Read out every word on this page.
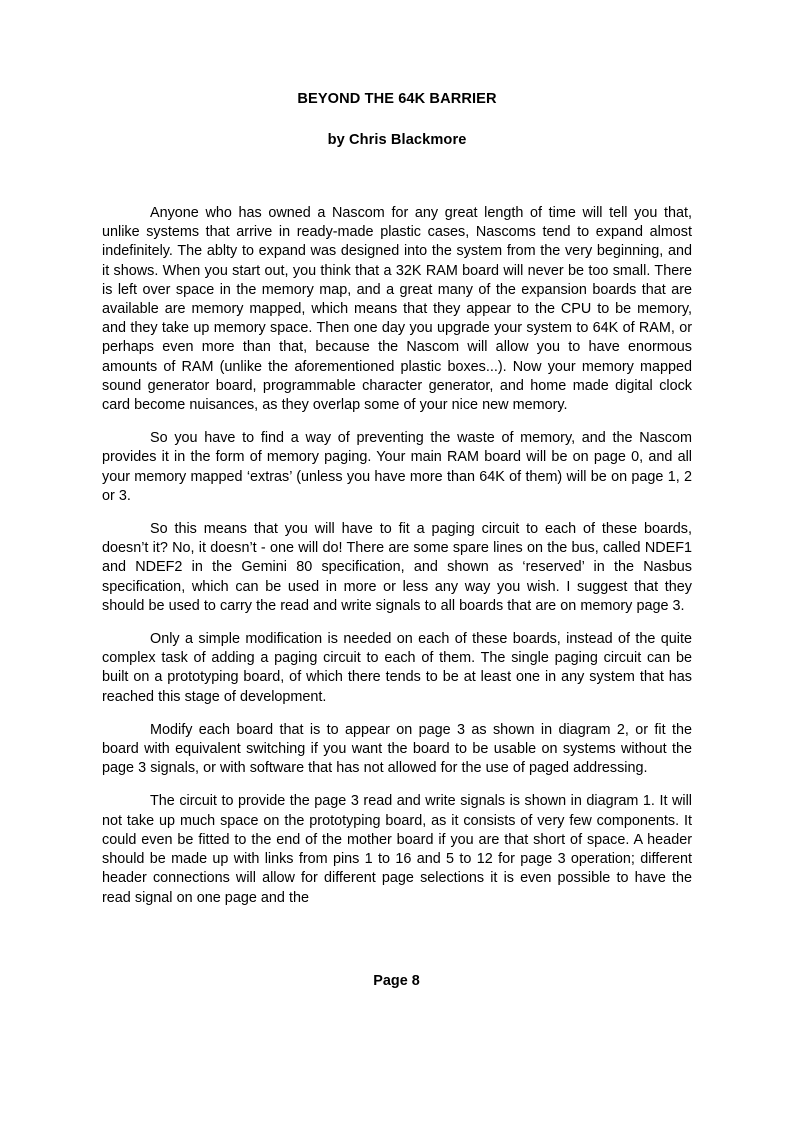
BEYOND THE 64K BARRIER
by Chris Blackmore

Anyone who has owned a Nascom for any great length of time will tell you that, unlike systems that arrive in ready-made plastic cases, Nascoms tend to expand almost indefinitely. The ablty to expand was designed into the system from the very beginning, and it shows. When you start out, you think that a 32K RAM board will never be too small. There is left over space in the memory map, and a great many of the expansion boards that are available are memory mapped, which means that they appear to the CPU to be memory, and they take up memory space. Then one day you upgrade your system to 64K of RAM, or perhaps even more than that, because the Nascom will allow you to have enormous amounts of RAM (unlike the aforementioned plastic boxes...). Now your memory mapped sound generator board, programmable character generator, and home made digital clock card become nuisances, as they overlap some of your nice new memory.

So you have to find a way of preventing the waste of memory, and the Nascom provides it in the form of memory paging. Your main RAM board will be on page 0, and all your memory mapped ‘extras’ (unless you have more than 64K of them) will be on page 1, 2 or 3.

So this means that you will have to fit a paging circuit to each of these boards, doesn’t it? No, it doesn’t - one will do! There are some spare lines on the bus, called NDEF1 and NDEF2 in the Gemini 80 specification, and shown as ‘reserved’ in the Nasbus specification, which can be used in more or less any way you wish. I suggest that they should be used to carry the read and write signals to all boards that are on memory page 3.

Only a simple modification is needed on each of these boards, instead of the quite complex task of adding a paging circuit to each of them. The single paging circuit can be built on a prototyping board, of which there tends to be at least one in any system that has reached this stage of development.

Modify each board that is to appear on page 3 as shown in diagram 2, or fit the board with equivalent switching if you want the board to be usable on systems without the page 3 signals, or with software that has not allowed for the use of paged addressing.

The circuit to provide the page 3 read and write signals is shown in diagram 1. It will not take up much space on the prototyping board, as it consists of very few components. It could even be fitted to the end of the mother board if you are that short of space. A header should be made up with links from pins 1 to 16 and 5 to 12 for page 3 operation; different header connections will allow for different page selections it is even possible to have the read signal on one page and the

Page 8
